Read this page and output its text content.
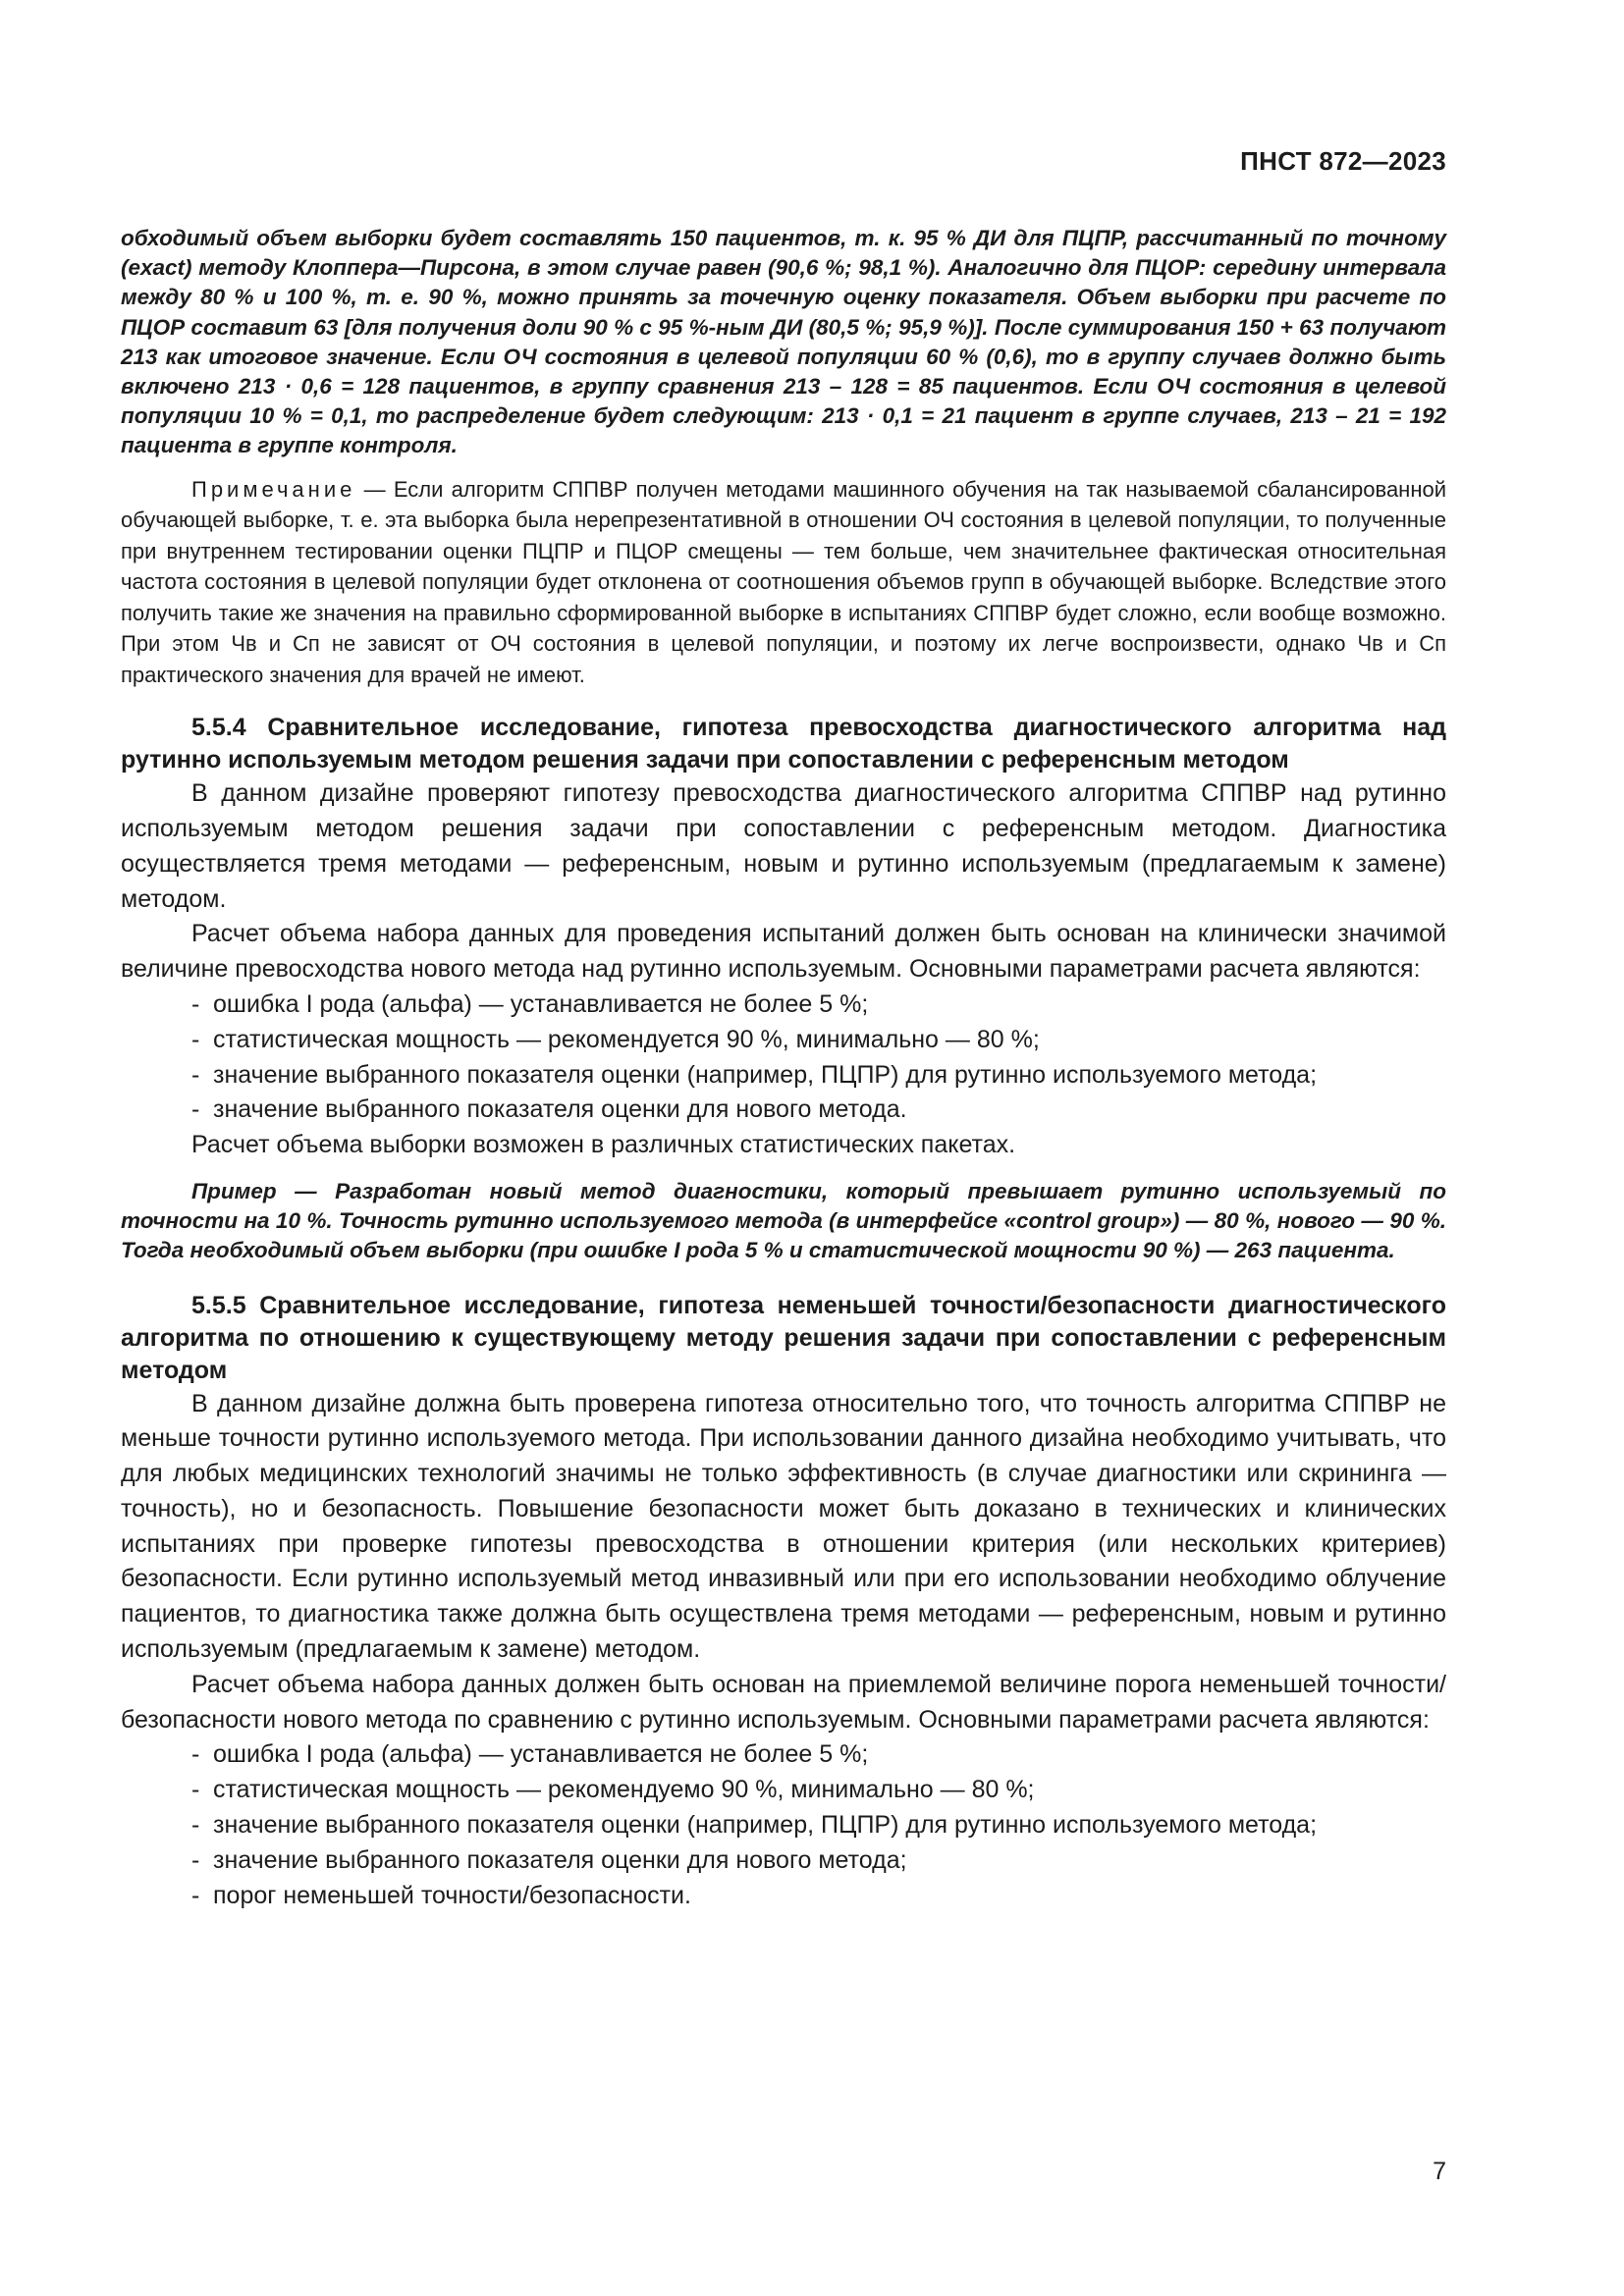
ПНСТ 872—2023

обходимый объем выборки будет составлять 150 пациентов, т. к. 95 % ДИ для ПЦПР, рассчитанный по точному (exact) методу Клоппера—Пирсона, в этом случае равен (90,6 %; 98,1 %). Аналогично для ПЦОР: середину интервала между 80 % и 100 %, т. е. 90 %, можно принять за точечную оценку показателя. Объем выборки при расчете по ПЦОР составит 63 [для получения доли 90 % с 95 %-ным ДИ (80,5 %; 95,9 %)]. После суммирования 150 + 63 получают 213 как итоговое значение. Если ОЧ состояния в целевой популяции 60 % (0,6), то в группу случаев должно быть включено 213 · 0,6 = 128 пациентов, в группу сравнения 213 – 128 = 85 пациентов. Если ОЧ состояния в целевой популяции 10 % = 0,1, то распределение будет следующим: 213 · 0,1 = 21 пациент в группе случаев, 213 – 21 = 192 пациента в группе контроля.

Примечание — Если алгоритм СППВР получен методами машинного обучения на так называемой сбалансированной обучающей выборке, т. е. эта выборка была нерепрезентативной в отношении ОЧ состояния в целевой популяции, то полученные при внутреннем тестировании оценки ПЦПР и ПЦОР смещены — тем больше, чем значительнее фактическая относительная частота состояния в целевой популяции будет отклонена от соотношения объемов групп в обучающей выборке. Вследствие этого получить такие же значения на правильно сформированной выборке в испытаниях СППВР будет сложно, если вообще возможно. При этом Чв и Сп не зависят от ОЧ состояния в целевой популяции, и поэтому их легче воспроизвести, однако Чв и Сп практического значения для врачей не имеют.

5.5.4 Сравнительное исследование, гипотеза превосходства диагностического алгоритма над рутинно используемым методом решения задачи при сопоставлении с референсным методом

В данном дизайне проверяют гипотезу превосходства диагностического алгоритма СППВР над рутинно используемым методом решения задачи при сопоставлении с референсным методом. Диагностика осуществляется тремя методами — референсным, новым и рутинно используемым (предлагаемым к замене) методом.

Расчет объема набора данных для проведения испытаний должен быть основан на клинически значимой величине превосходства нового метода над рутинно используемым. Основными параметрами расчета являются:

- ошибка I рода (альфа) — устанавливается не более 5 %;
- статистическая мощность — рекомендуется 90 %, минимально — 80 %;
- значение выбранного показателя оценки (например, ПЦПР) для рутинно используемого метода;
- значение выбранного показателя оценки для нового метода.

Расчет объема выборки возможен в различных статистических пакетах.

Пример — Разработан новый метод диагностики, который превышает рутинно используемый по точности на 10 %. Точность рутинно используемого метода (в интерфейсе «control group») — 80 %, нового — 90 %. Тогда необходимый объем выборки (при ошибке I рода 5 % и статистической мощности 90 %) — 263 пациента.

5.5.5 Сравнительное исследование, гипотеза неменьшей точности/безопасности диагностического алгоритма по отношению к существующему методу решения задачи при сопоставлении с референсным методом

В данном дизайне должна быть проверена гипотеза относительно того, что точность алгоритма СППВР не меньше точности рутинно используемого метода. При использовании данного дизайна необходимо учитывать, что для любых медицинских технологий значимы не только эффективность (в случае диагностики или скрининга — точность), но и безопасность. Повышение безопасности может быть доказано в технических и клинических испытаниях при проверке гипотезы превосходства в отношении критерия (или нескольких критериев) безопасности. Если рутинно используемый метод инвазивный или при его использовании необходимо облучение пациентов, то диагностика также должна быть осуществлена тремя методами — референсным, новым и рутинно используемым (предлагаемым к замене) методом.

Расчет объема набора данных должен быть основан на приемлемой величине порога неменьшей точности/безопасности нового метода по сравнению с рутинно используемым. Основными параметрами расчета являются:

- ошибка I рода (альфа) — устанавливается не более 5 %;
- статистическая мощность — рекомендуемо 90 %, минимально — 80 %;
- значение выбранного показателя оценки (например, ПЦПР) для рутинно используемого метода;
- значение выбранного показателя оценки для нового метода;
- порог неменьшей точности/безопасности.
7
